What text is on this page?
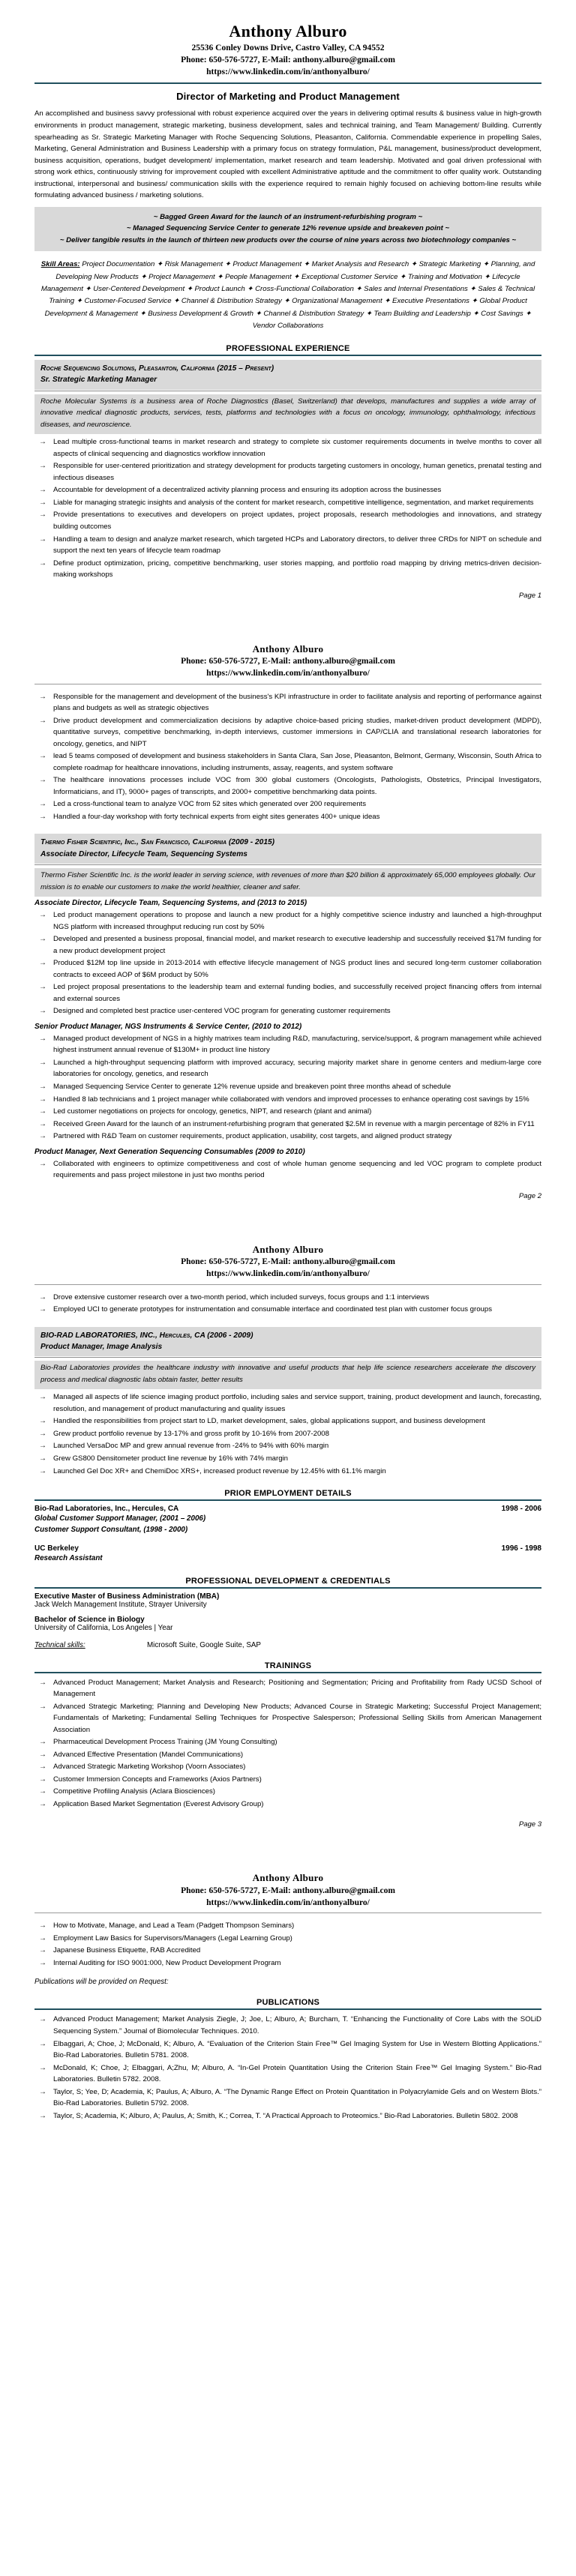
Anthony Alburo
25536 Conley Downs Drive, Castro Valley, CA 94552
Phone: 650-576-5727, E-Mail: anthony.alburo@gmail.com
https://www.linkedin.com/in/anthonyalburo/
Director of Marketing and Product Management

An accomplished and business savvy professional with robust experience acquired over the years in delivering optimal results & business value in high-growth environments in product management, strategic marketing, business development, sales and technical training, and Team Management/ Building. Currently spearheading as Sr. Strategic Marketing Manager with Roche Sequencing Solutions, Pleasanton, California. Commendable experience in propelling Sales, Marketing, General Administration and Business Leadership with a primary focus on strategy formulation, P&L management, business/product development, business acquisition, operations, budget development/ implementation, market research and team leadership. Motivated and goal driven professional with strong work ethics, continuously striving for improvement coupled with excellent Administrative aptitude and the commitment to offer quality work. Outstanding instructional, interpersonal and business/ communication skills with the experience required to remain highly focused on achieving bottom-line results while formulating advanced business / marketing solutions.

~ Bagged Green Award for the launch of an instrument-refurbishing program ~
~ Managed Sequencing Service Center to generate 12% revenue upside and breakeven point ~
~ Deliver tangible results in the launch of thirteen new products over the course of nine years across two biotechnology companies ~
Skill Areas: Project Documentation ✦ Risk Management ✦ Product Management ✦ Market Analysis and Research ✦ Strategic Marketing ✦ Planning, and Developing New Products ✦ Project Management ✦ People Management ✦ Exceptional Customer Service ✦ Training and Motivation ✦ Lifecycle Management ✦ User-Centered Development ✦ Product Launch ✦ Cross-Functional Collaboration ✦ Sales and Internal Presentations ✦ Sales & Technical Training ✦ Customer-Focused Service ✦ Channel & Distribution Strategy ✦ Organizational Management ✦ Executive Presentations ✦ Global Product Development & Management ✦ Business Development & Growth ✦ Channel & Distribution Strategy ✦ Team Building and Leadership ✦ Cost Savings ✦ Vendor Collaborations
PROFESSIONAL EXPERIENCE
Roche Sequencing Solutions, Pleasanton, California (2015 – Present)
Sr. Strategic Marketing Manager
Roche Molecular Systems is a business area of Roche Diagnostics (Basel, Switzerland) that develops, manufactures and supplies a wide array of innovative medical diagnostic products, services, tests, platforms and technologies with a focus on oncology, immunology, ophthalmology, infectious diseases, and neuroscience.
→ Lead multiple cross-functional teams in market research and strategy to complete six customer requirements documents in twelve months to cover all aspects of clinical sequencing and diagnostics workflow innovation
→ Responsible for user-centered prioritization and strategy development for products targeting customers in oncology, human genetics, prenatal testing and infectious diseases
→ Accountable for development of a decentralized activity planning process and ensuring its adoption across the businesses
→ Liable for managing strategic insights and analysis of the content for market research, competitive intelligence, segmentation, and market requirements
→ Provide presentations to executives and developers on project updates, project proposals, research methodologies and innovations, and strategy building outcomes
→ Handling a team to design and analyze market research, which targeted HCPs and Laboratory directors, to deliver three CRDs for NIPT on schedule and support the next ten years of lifecycle team roadmap
→ Define product optimization, pricing, competitive benchmarking, user stories mapping, and portfolio road mapping by driving metrics-driven decision-making workshops
Page 1
Anthony Alburo
Phone: 650-576-5727, E-Mail: anthony.alburo@gmail.com
https://www.linkedin.com/in/anthonyalburo/
→ Responsible for the management and development of the business's KPI infrastructure in order to facilitate analysis and reporting of performance against plans and budgets as well as strategic objectives
→ Drive product development and commercialization decisions by adaptive choice-based pricing studies, market-driven product development (MDPD), quantitative surveys, competitive benchmarking, in-depth interviews, customer immersions in CAP/CLIA and translational research laboratories for oncology, genetics, and NIPT
→ lead 5 teams composed of development and business stakeholders in Santa Clara, San Jose, Pleasanton, Belmont, Germany, Wisconsin, South Africa to complete roadmap for healthcare innovations, including instruments, assay, reagents, and system software
→ The healthcare innovations processes include VOC from 300 global customers (Oncologists, Pathologists, Obstetrics, Principal Investigators, Informaticians, and IT), 9000+ pages of transcripts, and 2000+ competitive benchmarking data points.
→ Led a cross-functional team to analyze VOC from 52 sites which generated over 200 requirements
→ Handled a four-day workshop with forty technical experts from eight sites generates 400+ unique ideas
Thermo Fisher Scientific, Inc., San Francisco, California (2009 - 2015)
Associate Director, Lifecycle Team, Sequencing Systems
Thermo Fisher Scientific Inc. is the world leader in serving science, with revenues of more than $20 billion & approximately 65,000 employees globally. Our mission is to enable our customers to make the world healthier, cleaner and safer.
Associate Director, Lifecycle Team, Sequencing Systems, and (2013 to 2015)
→ Led product management operations to propose and launch a new product for a highly competitive science industry and launched a high-throughput NGS platform with increased throughput reducing run cost by 50%
→ Developed and presented a business proposal, financial model, and market research to executive leadership and successfully received $17M funding for a new product development project
→ Produced $12M top line upside in 2013-2014 with effective lifecycle management of NGS product lines and secured long-term customer collaboration contracts to exceed AOP of $6M product by 50%
→ Led project proposal presentations to the leadership team and external funding bodies, and successfully received project financing offers from internal and external sources
→ Designed and completed best practice user-centered VOC program for generating customer requirements
Senior Product Manager, NGS Instruments & Service Center, (2010 to 2012)
→ Managed product development of NGS in a highly matrixes team including R&D, manufacturing, service/support, & program management while achieved highest instrument annual revenue of $130M+ in product line history
→ Launched a high-throughput sequencing platform with improved accuracy, securing majority market share in genome centers and medium-large core laboratories for oncology, genetics, and research
→ Managed Sequencing Service Center to generate 12% revenue upside and breakeven point three months ahead of schedule
→ Handled 8 lab technicians and 1 project manager while collaborated with vendors and improved processes to enhance operating cost savings by 15%
→ Led customer negotiations on projects for oncology, genetics, NIPT, and research (plant and animal)
→ Received Green Award for the launch of an instrument-refurbishing program that generated $2.5M in revenue with a margin percentage of 82% in FY11
→ Partnered with R&D Team on customer requirements, product application, usability, cost targets, and aligned product strategy
Product Manager, Next Generation Sequencing Consumables (2009 to 2010)
→ Collaborated with engineers to optimize competitiveness and cost of whole human genome sequencing and led VOC program to complete product requirements and pass project milestone in just two months period
Page 2
Anthony Alburo
Phone: 650-576-5727, E-Mail: anthony.alburo@gmail.com
https://www.linkedin.com/in/anthonyalburo/
→ Drove extensive customer research over a two-month period, which included surveys, focus groups and 1:1 interviews
→ Employed UCI to generate prototypes for instrumentation and consumable interface and coordinated test plan with customer focus groups
BIO-RAD LABORATORIES, INC., Hercules, CA (2006 - 2009)
Product Manager, Image Analysis
Bio-Rad Laboratories provides the healthcare industry with innovative and useful products that help life science researchers accelerate the discovery process and medical diagnostic labs obtain faster, better results
→ Managed all aspects of life science imaging product portfolio, including sales and service support, training, product development and launch, forecasting, resolution, and management of product manufacturing and quality issues
→ Handled the responsibilities from project start to LD, market development, sales, global applications support, and business development
→ Grew product portfolio revenue by 13-17% and gross profit by 10-16% from 2007-2008
→ Launched VersaDoc MP and grew annual revenue from -24% to 94% with 60% margin
→ Grew GS800 Densitometer product line revenue by 16% with 74% margin
→ Launched Gel Doc XR+ and ChemiDoc XRS+, increased product revenue by 12.45% with 61.1% margin
PRIOR EMPLOYMENT DETAILS
Bio-Rad Laboratories, Inc., Hercules, CA	1998 - 2006
Global Customer Support Manager, (2001 – 2006)
Customer Support Consultant, (1998 - 2000)
UC Berkeley	1996 - 1998
Research Assistant
PROFESSIONAL DEVELOPMENT & CREDENTIALS
Executive Master of Business Administration (MBA)
Jack Welch Management Institute, Strayer University
Bachelor of Science in Biology
University of California, Los Angeles | Year
Technical skills:	Microsoft Suite, Google Suite, SAP
TRAININGS
→ Advanced Product Management; Market Analysis and Research; Positioning and Segmentation; Pricing and Profitability from Rady UCSD School of Management
→ Advanced Strategic Marketing; Planning and Developing New Products; Advanced Course in Strategic Marketing; Successful Project Management; Fundamentals of Marketing; Fundamental Selling Techniques for Prospective Salesperson; Professional Selling Skills from American Management Association
→ Pharmaceutical Development Process Training (JM Young Consulting)
→ Advanced Effective Presentation (Mandel Communications)
→ Advanced Strategic Marketing Workshop (Voorn Associates)
→ Customer Immersion Concepts and Frameworks (Axios Partners)
→ Competitive Profiling Analysis (Aclara Biosciences)
→ Application Based Market Segmentation (Everest Advisory Group)
Page 3
Anthony Alburo
Phone: 650-576-5727, E-Mail: anthony.alburo@gmail.com
https://www.linkedin.com/in/anthonyalburo/
→ How to Motivate, Manage, and Lead a Team (Padgett Thompson Seminars)
→ Employment Law Basics for Supervisors/Managers (Legal Learning Group)
→ Japanese Business Etiquette, RAB Accredited
→ Internal Auditing for ISO 9001:000, New Product Development Program
Publications will be provided on Request:
PUBLICATIONS
→ Advanced Product Management; Market Analysis Ziegle, J; Joe, L; Alburo, A; Burcham, T. “Enhancing the Functionality of Core Labs with the SOLiD Sequencing System.” Journal of Biomolecular Techniques. 2010.
→ Elbaggari, A; Choe, J; McDonald, K; Alburo, A. “Evaluation of the Criterion Stain Free™ Gel Imaging System for Use in Western Blotting Applications.” Bio-Rad Laboratories. Bulletin 5781. 2008.
→ McDonald, K; Choe, J; Elbaggari, A;Zhu, M; Alburo, A. “In-Gel Protein Quantitation Using the Criterion Stain Free™ Gel Imaging System.” Bio-Rad Laboratories. Bulletin 5782. 2008.
→ Taylor, S; Yee, D; Academia, K; Paulus, A; Alburo, A. “The Dynamic Range Effect on Protein Quantitation in Polyacrylamide Gels and on Western Blots.” Bio-Rad Laboratories. Bulletin 5792. 2008.
→ Taylor, S; Academia, K; Alburo, A; Paulus, A; Smith, K.; Correa, T. “A Practical Approach to Proteomics.” Bio-Rad Laboratories. Bulletin 5802. 2008
